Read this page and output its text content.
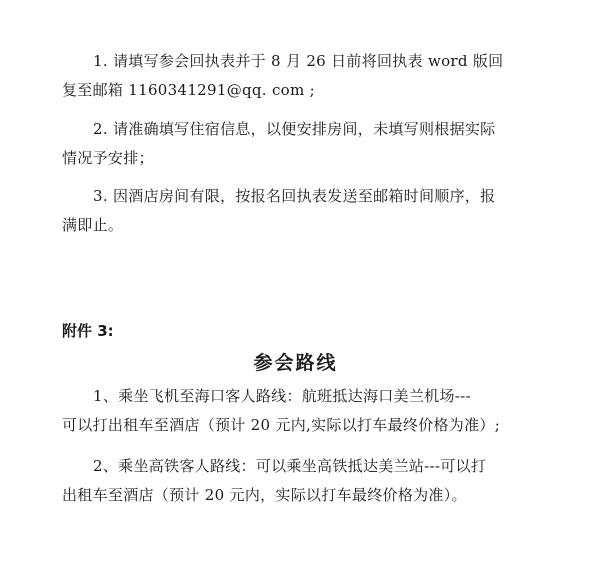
1. 请填写参会回执表并于 8 月 26 日前将回执表 word 版回
复至邮箱 1160341291@qq. com ;

2. 请准确填写住宿信息，以便安排房间，未填写则根据实际
情况予安排；

3. 因酒店房间有限，按报名回执表发送至邮箱时间顺序，报
满即止。

附件 3:

参会路线

1、乘坐飞机至海口客人路线：航班抵达海口美兰机场---
可以打出租车至酒店（预计 20 元内,实际以打车最终价格为准）;

2、乘坐高铁客人路线：可以乘坐高铁抵达美兰站---可以打
出租车至酒店（预计 20 元内，实际以打车最终价格为准）。
